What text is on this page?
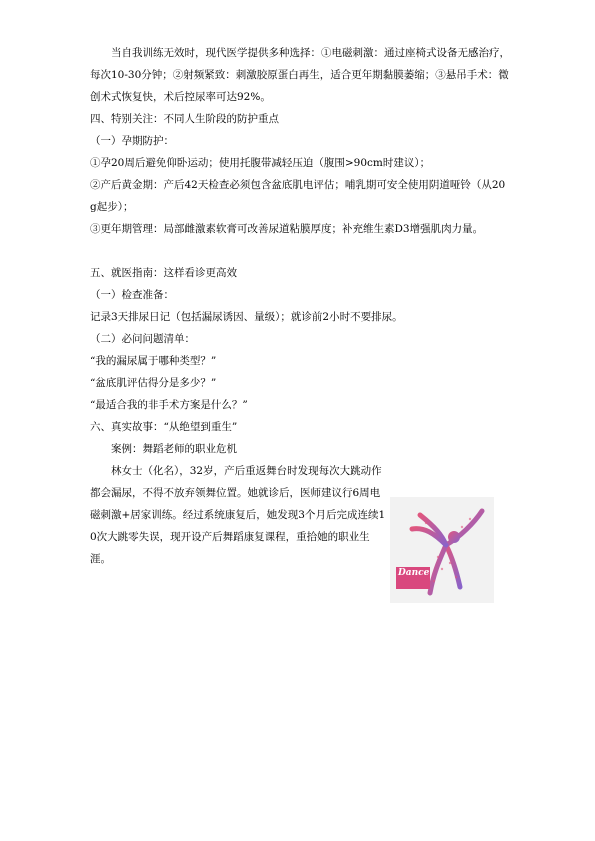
当自我训练无效时，现代医学提供多种选择：①电磁刺激：通过座椅式设备无感治疗，每次10-30分钟；②射频紧致：刺激胶原蛋白再生，适合更年期黏膜萎缩；③悬吊手术：微创术式恢复快，术后控尿率可达92%。

四、特别关注：不同人生阶段的防护重点

（一）孕期防护：

①孕20周后避免仰卧运动；使用托腹带减轻压迫（腹围>90cm时建议）；

②产后黄金期：产后42天检查必须包含盆底肌电评估；哺乳期可安全使用阴道哑铃（从20g起步）；

③更年期管理：局部雌激素软膏可改善尿道粘膜厚度；补充维生素D3增强肌肉力量。

五、就医指南：这样看诊更高效

（一）检查准备：

记录3天排尿日记（包括漏尿诱因、量级）；就诊前2小时不要排尿。

（二）必问问题清单：

“我的漏尿属于哪种类型？”

“盆底肌评估得分是多少？”

“最适合我的非手术方案是什么？”

六、真实故事：“从绝望到重生”

案例：舞蹈老师的职业危机

林女士（化名），32岁，产后重返舞台时发现每次大跳动作都会漏尿，不得不放弃领舞位置。她就诊后，医师建议行6周电磁刺激+居家训练。经过系统康复后，她发现3个月后完成连续10次大跳零失误，现开设产后舞蹈康复课程，重拾她的职业生涯。

Dance
